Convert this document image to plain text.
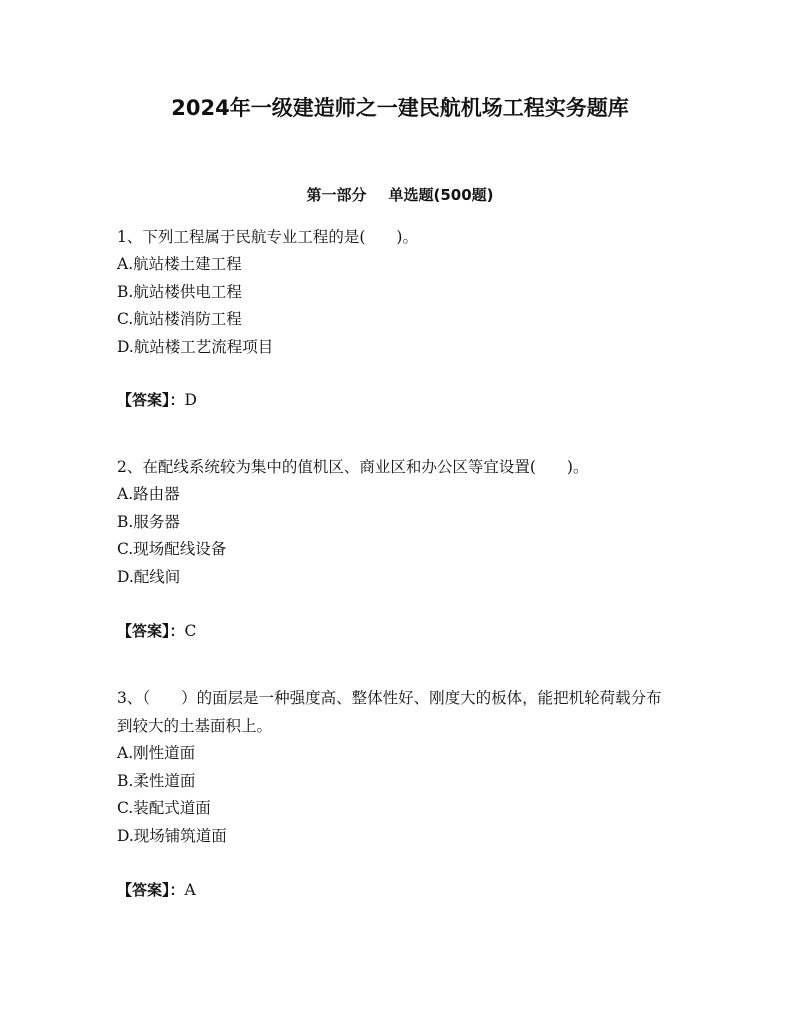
2024年一级建造师之一建民航机场工程实务题库
第一部分 单选题(500题)

1、下列工程属于民航专业工程的是(　　)。

A.航站楼土建工程

B.航站楼供电工程

C.航站楼消防工程

D.航站楼工艺流程项目

【答案】：D

2、在配线系统较为集中的值机区、商业区和办公区等宜设置(　　)。

A.路由器

B.服务器

C.现场配线设备

D.配线间

【答案】：C

3、（　　）的面层是一种强度高、整体性好、刚度大的板体，能把机轮荷载分布到较大的土基面积上。

A.刚性道面

B.柔性道面

C.装配式道面

D.现场铺筑道面

【答案】：A
